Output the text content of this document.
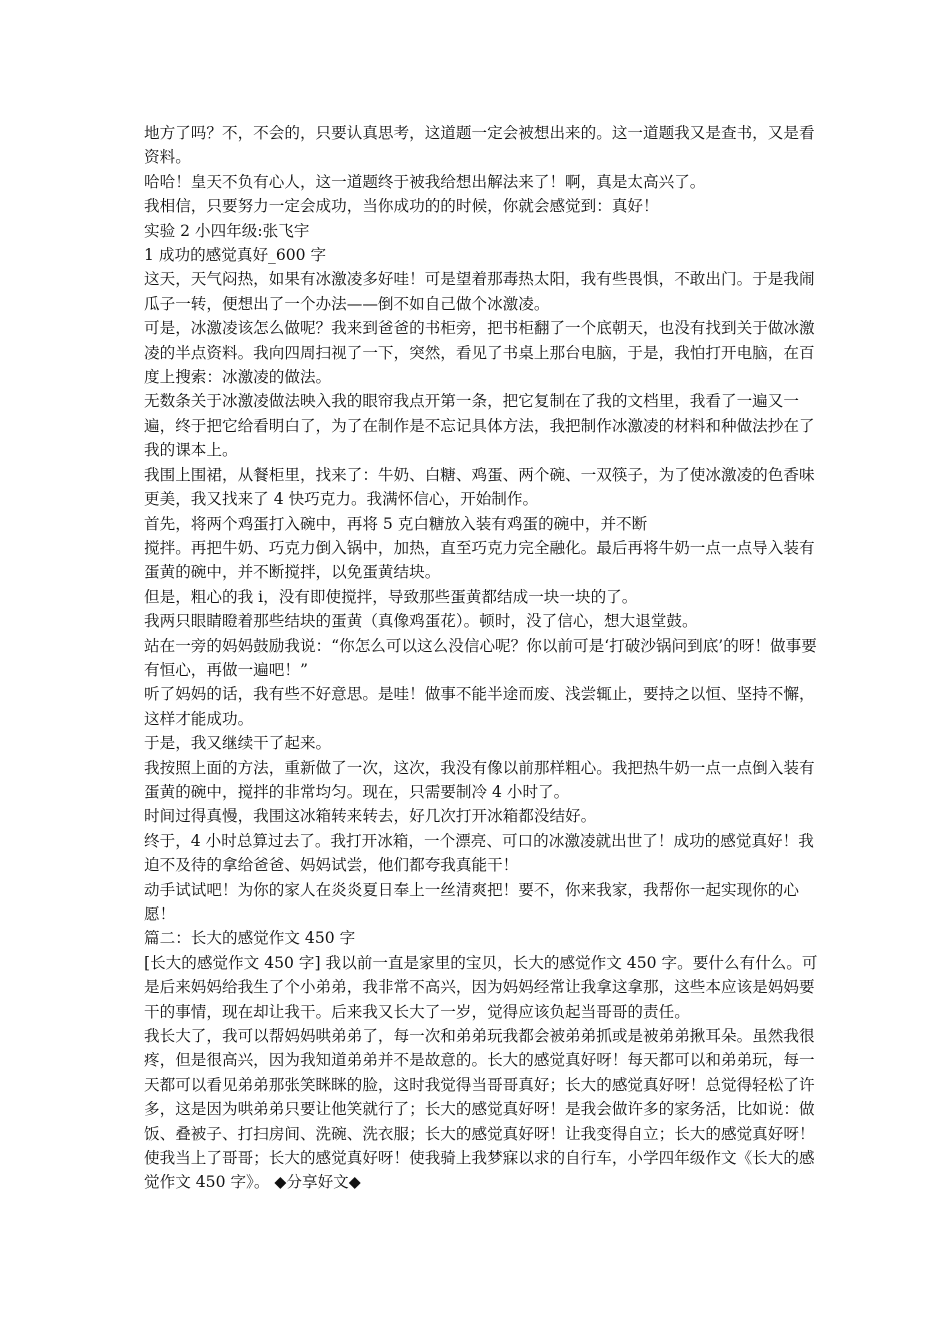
地方了吗？不，不会的，只要认真思考，这道题一定会被想出来的。这一道题我又是查书，又是看资料。

哈哈！皇天不负有心人，这一道题终于被我给想出解法来了！啊，真是太高兴了。

我相信，只要努力一定会成功，当你成功的的时候，你就会感觉到：真好！

实验 2 小四年级:张飞宇

1 成功的感觉真好_600 字

这天，天气闷热，如果有冰激凌多好哇！可是望着那毒热太阳，我有些畏惧，不敢出门。于是我闹瓜子一转，便想出了一个办法——倒不如自己做个冰激凌。

可是，冰激凌该怎么做呢？我来到爸爸的书柜旁，把书柜翻了一个底朝天，也没有找到关于做冰激凌的半点资料。我向四周扫视了一下，突然，看见了书桌上那台电脑，于是，我怕打开电脑，在百度上搜索：冰激凌的做法。

无数条关于冰激凌做法映入我的眼帘我点开第一条，把它复制在了我的文档里，我看了一遍又一遍，终于把它给看明白了，为了在制作是不忘记具体方法，我把制作冰激凌的材料和种做法抄在了我的课本上。

我围上围裙，从餐柜里，找来了：牛奶、白糖、鸡蛋、两个碗、一双筷子，为了使冰激凌的色香味更美，我又找来了 4 快巧克力。我满怀信心，开始制作。

首先，将两个鸡蛋打入碗中，再将 5 克白糖放入装有鸡蛋的碗中，并不断

搅拌。再把牛奶、巧克力倒入锅中，加热，直至巧克力完全融化。最后再将牛奶一点一点导入装有蛋黄的碗中，并不断搅拌，以免蛋黄结块。

但是，粗心的我 i，没有即使搅拌，导致那些蛋黄都结成一块一块的了。

我两只眼睛瞪着那些结块的蛋黄（真像鸡蛋花）。顿时，没了信心，想大退堂鼓。

站在一旁的妈妈鼓励我说：“你怎么可以这么没信心呢？你以前可是‘打破沙锅问到底’的呀！做事要有恒心，再做一遍吧！”

听了妈妈的话，我有些不好意思。是哇！做事不能半途而废、浅尝辄止，要持之以恒、坚持不懈，这样才能成功。

于是，我又继续干了起来。

我按照上面的方法，重新做了一次，这次，我没有像以前那样粗心。我把热牛奶一点一点倒入装有蛋黄的碗中，搅拌的非常均匀。现在，只需要制冷 4 小时了。

时间过得真慢，我围这冰箱转来转去，好几次打开冰箱都没结好。

终于，4 小时总算过去了。我打开冰箱，一个漂亮、可口的冰激凌就出世了！成功的感觉真好！我迫不及待的拿给爸爸、妈妈试尝，他们都夸我真能干！

动手试试吧！为你的家人在炎炎夏日奉上一丝清爽把！要不，你来我家，我帮你一起实现你的心愿！

篇二：长大的感觉作文 450 字

[长大的感觉作文 450 字] 我以前一直是家里的宝贝，长大的感觉作文 450 字。要什么有什么。可是后来妈妈给我生了个小弟弟，我非常不高兴，因为妈妈经常让我拿这拿那，这些本应该是妈妈要干的事情，现在却让我干。后来我又长大了一岁，觉得应该负起当哥哥的责任。

我长大了，我可以帮妈妈哄弟弟了，每一次和弟弟玩我都会被弟弟抓或是被弟弟揪耳朵。虽然我很疼，但是很高兴，因为我知道弟弟并不是故意的。长大的感觉真好呀！每天都可以和弟弟玩，每一天都可以看见弟弟那张笑眯眯的脸，这时我觉得当哥哥真好；长大的感觉真好呀！总觉得轻松了许多，这是因为哄弟弟只要让他笑就行了；长大的感觉真好呀！是我会做许多的家务活，比如说：做饭、叠被子、打扫房间、洗碗、洗衣服；长大的感觉真好呀！让我变得自立；长大的感觉真好呀！使我当上了哥哥；长大的感觉真好呀！使我骑上我梦寐以求的自行车，小学四年级作文《长大的感觉作文 450 字》。 ◆分享好文◆
